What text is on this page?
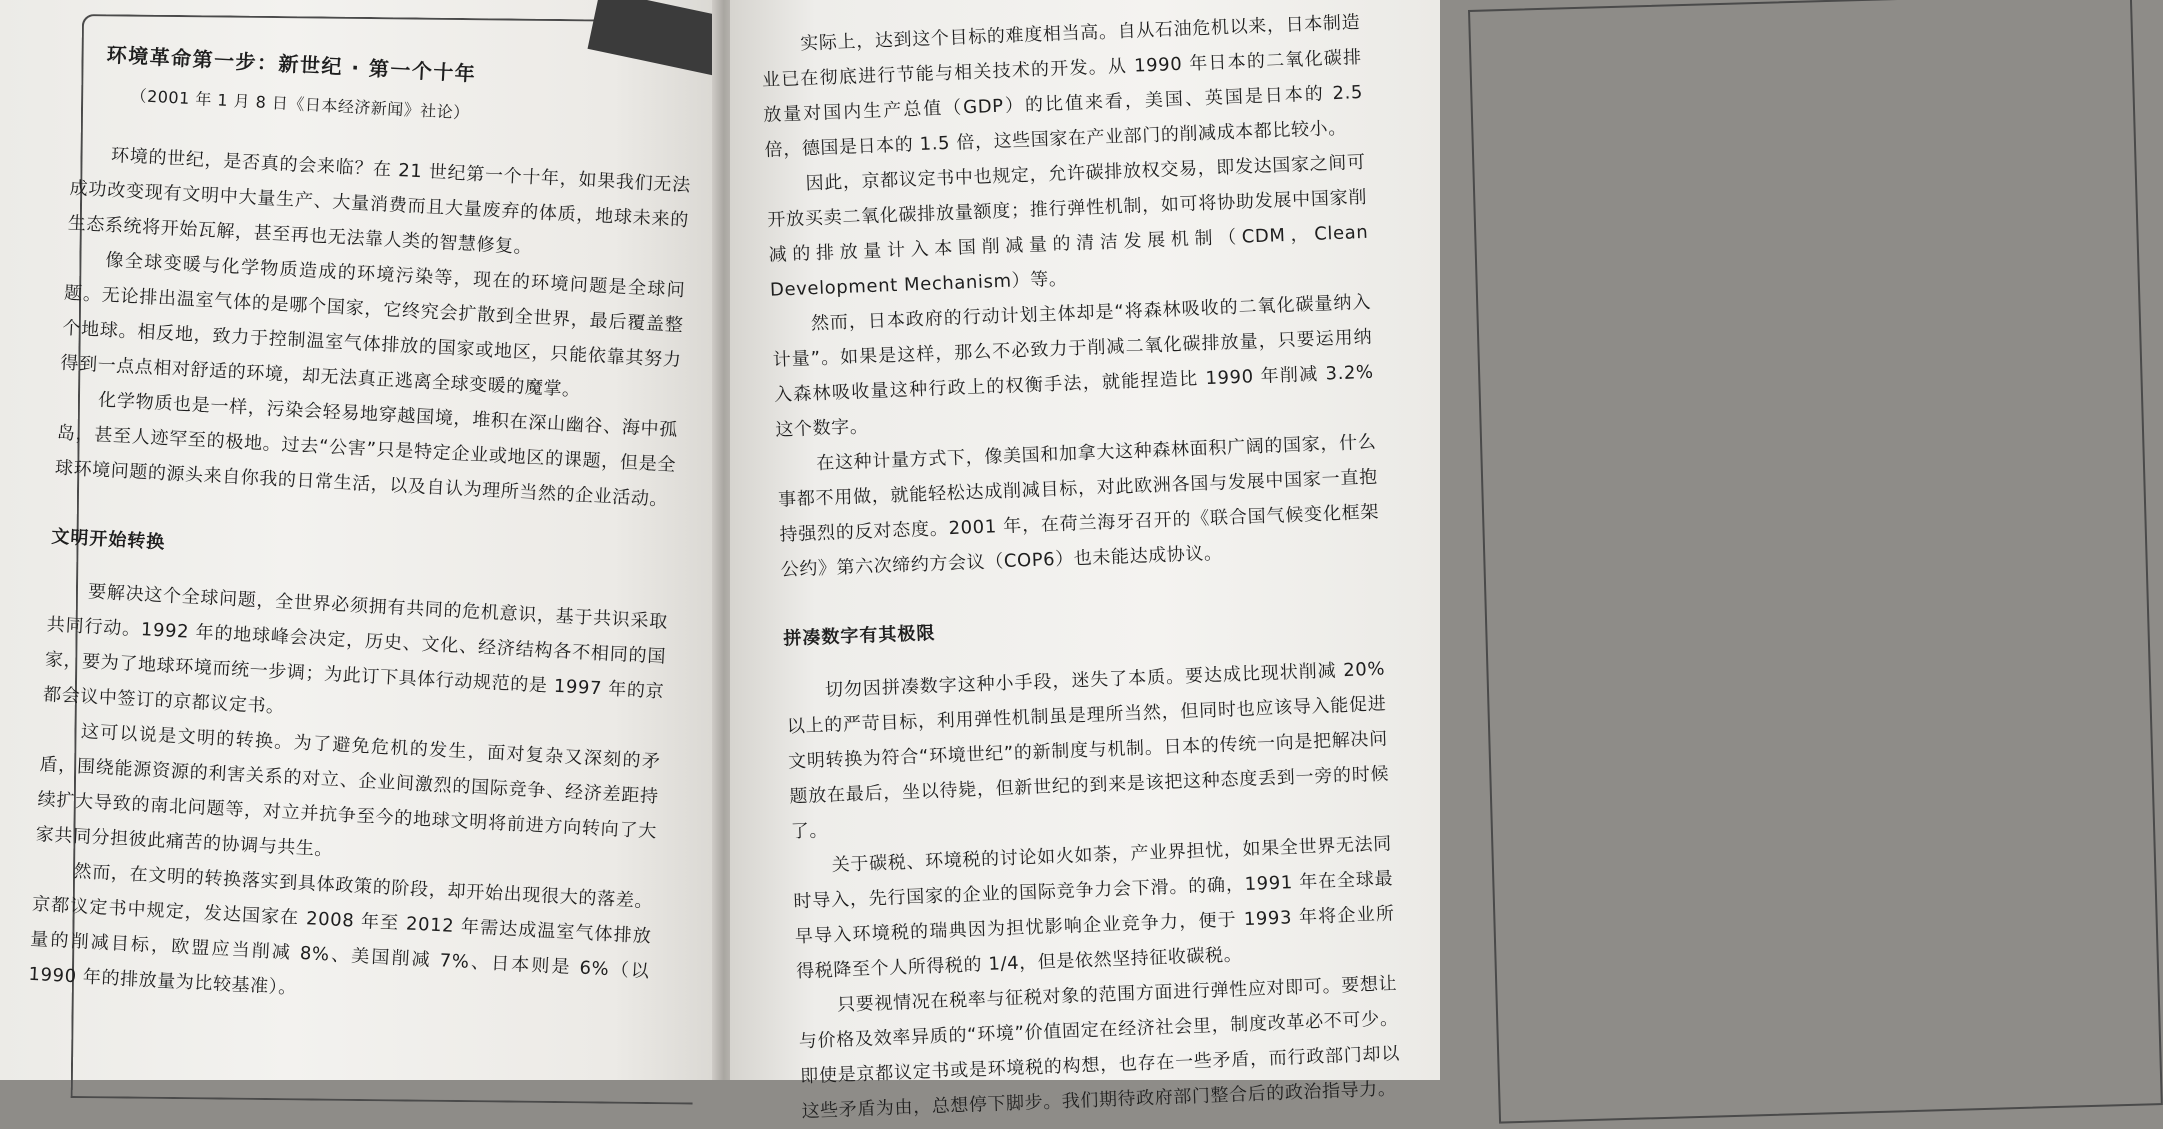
环境革命第一步：新世纪 · 第一个十年
（2001 年 1 月 8 日《日本经济新闻》社论）

环境的世纪，是否真的会来临？在 21 世纪第一个十年，如果我们无法成功改变现有文明中大量生产、大量消费而且大量废弃的体质，地球未来的生态系统将开始瓦解，甚至再也无法靠人类的智慧修复。

像全球变暖与化学物质造成的环境污染等，现在的环境问题是全球问题。无论排出温室气体的是哪个国家，它终究会扩散到全世界，最后覆盖整个地球。相反地，致力于控制温室气体排放的国家或地区，只能依靠其努力得到一点点相对舒适的环境，却无法真正逃离全球变暖的魔掌。

化学物质也是一样，污染会轻易地穿越国境，堆积在深山幽谷、海中孤岛，甚至人迹罕至的极地。过去“公害”只是特定企业或地区的课题，但是全球环境问题的源头来自你我的日常生活，以及自认为理所当然的企业活动。

文明开始转换

要解决这个全球问题，全世界必须拥有共同的危机意识，基于共识采取共同行动。1992 年的地球峰会决定，历史、文化、经济结构各不相同的国家，要为了地球环境而统一步调；为此订下具体行动规范的是 1997 年的京都会议中签订的京都议定书。

这可以说是文明的转换。为了避免危机的发生，面对复杂又深刻的矛盾，围绕能源资源的利害关系的对立、企业间激烈的国际竞争、经济差距持续扩大导致的南北问题等，对立并抗争至今的地球文明将前进方向转向了大家共同分担彼此痛苦的协调与共生。

然而，在文明的转换落实到具体政策的阶段，却开始出现很大的落差。京都议定书中规定，发达国家在 2008 年至 2012 年需达成温室气体排放量的削减目标，欧盟应当削减 8%、美国削减 7%、日本则是 6%（以 1990 年的排放量为比较基准）。

实际上，达到这个目标的难度相当高。自从石油危机以来，日本制造业已在彻底进行节能与相关技术的开发。从 1990 年日本的二氧化碳排放量对国内生产总值（GDP）的比值来看，美国、英国是日本的 2.5 倍，德国是日本的 1.5 倍，这些国家在产业部门的削减成本都比较小。

因此，京都议定书中也规定，允许碳排放权交易，即发达国家之间可开放买卖二氧化碳排放量额度；推行弹性机制，如可将协助发展中国家削减的排放量计入本国削减量的清洁发展机制（CDM，Clean Development Mechanism）等。

然而，日本政府的行动计划主体却是“将森林吸收的二氧化碳量纳入计量”。如果是这样，那么不必致力于削减二氧化碳排放量，只要运用纳入森林吸收量这种行政上的权衡手法，就能捏造比 1990 年削减 3.2% 这个数字。

在这种计量方式下，像美国和加拿大这种森林面积广阔的国家，什么事都不用做，就能轻松达成削减目标，对此欧洲各国与发展中国家一直抱持强烈的反对态度。2001 年，在荷兰海牙召开的《联合国气候变化框架公约》第六次缔约方会议（COP6）也未能达成协议。

拼凑数字有其极限

切勿因拼凑数字这种小手段，迷失了本质。要达成比现状削减 20% 以上的严苛目标，利用弹性机制虽是理所当然，但同时也应该导入能促进文明转换为符合“环境世纪”的新制度与机制。日本的传统一向是把解决问题放在最后，坐以待毙，但新世纪的到来是该把这种态度丢到一旁的时候了。

关于碳税、环境税的讨论如火如荼，产业界担忧，如果全世界无法同时导入，先行国家的企业的国际竞争力会下滑。的确，1991 年在全球最早导入环境税的瑞典因为担忧影响企业竞争力，便于 1993 年将企业所得税降至个人所得税的 1/4，但是依然坚持征收碳税。

只要视情况在税率与征税对象的范围方面进行弹性应对即可。要想让与价格及效率异质的“环境”价值固定在经济社会里，制度改革必不可少。即使是京都议定书或是环境税的构想，也存在一些矛盾，而行政部门却以这些矛盾为由，总想停下脚步。我们期待政府部门整合后的政治指导力。
